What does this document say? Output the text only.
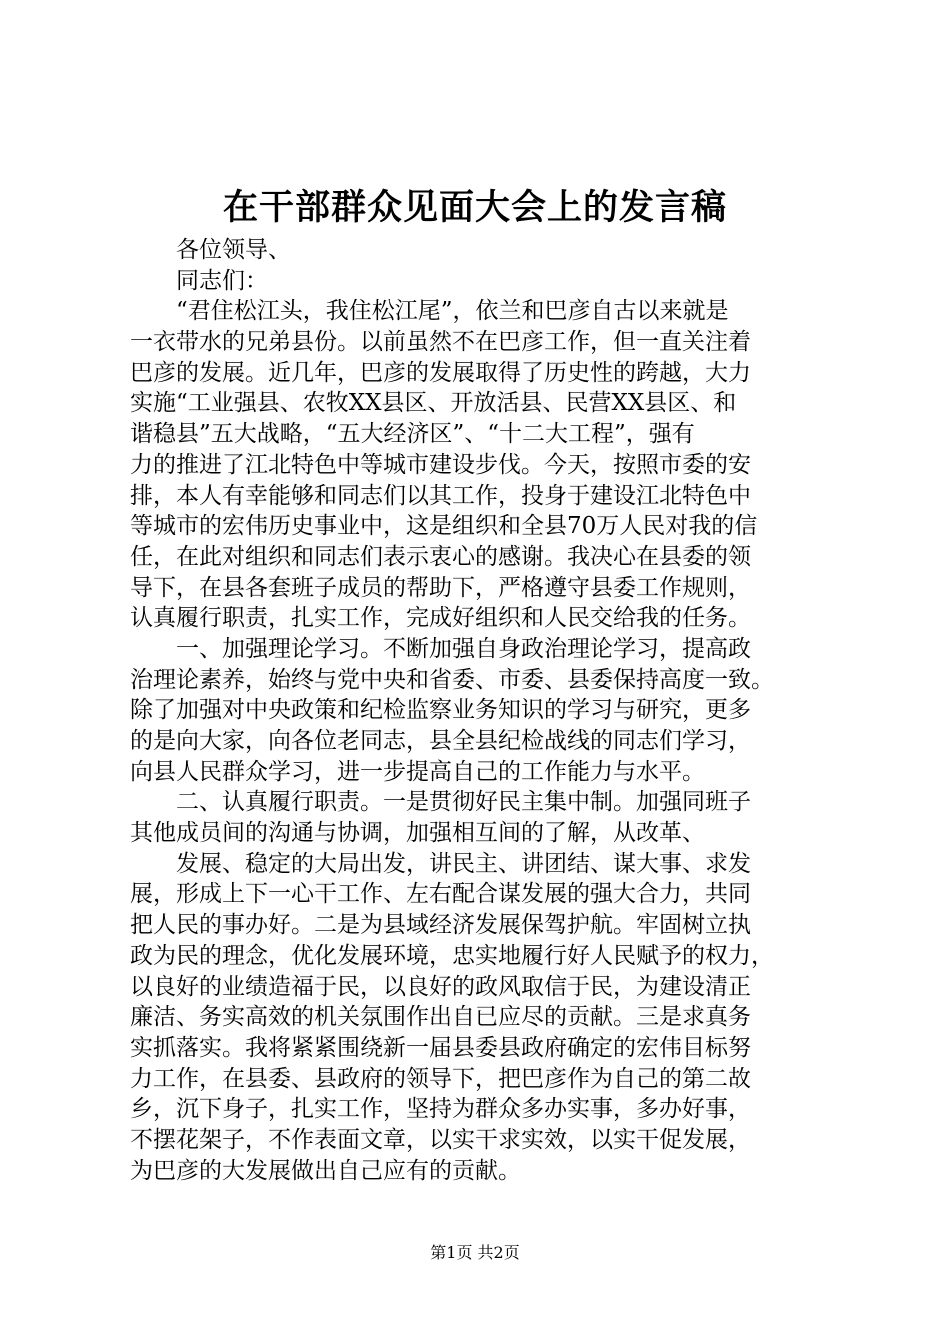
在干部群众见面大会上的发言稿
各位领导、
同志们：
“君住松江头，我住松江尾”，依兰和巴彦自古以来就是
一衣带水的兄弟县份。以前虽然不在巴彦工作，但一直关注着
巴彦的发展。近几年，巴彦的发展取得了历史性的跨越，大力
实施“工业强县、农牧XX县区、开放活县、民营XX县区、和
谐稳县”五大战略，“五大经济区”、“十二大工程”，强有
力的推进了江北特色中等城市建设步伐。今天，按照市委的安
排，本人有幸能够和同志们以其工作，投身于建设江北特色中
等城市的宏伟历史事业中，这是组织和全县70万人民对我的信
任，在此对组织和同志们表示衷心的感谢。我决心在县委的领
导下，在县各套班子成员的帮助下，严格遵守县委工作规则，
认真履行职责，扎实工作，完成好组织和人民交给我的任务。
一、加强理论学习。不断加强自身政治理论学习，提高政
治理论素养，始终与党中央和省委、市委、县委保持高度一致。
除了加强对中央政策和纪检监察业务知识的学习与研究，更多
的是向大家，向各位老同志，县全县纪检战线的同志们学习，
向县人民群众学习，进一步提高自己的工作能力与水平。
二、认真履行职责。一是贯彻好民主集中制。加强同班子
其他成员间的沟通与协调，加强相互间的了解，从改革、
发展、稳定的大局出发，讲民主、讲团结、谋大事、求发
展，形成上下一心干工作、左右配合谋发展的强大合力，共同
把人民的事办好。二是为县域经济发展保驾护航。牢固树立执
政为民的理念，优化发展环境，忠实地履行好人民赋予的权力，
以良好的业绩造福于民，以良好的政风取信于民，为建设清正
廉洁、务实高效的机关氛围作出自已应尽的贡献。三是求真务
实抓落实。我将紧紧围绕新一届县委县政府确定的宏伟目标努
力工作，在县委、县政府的领导下，把巴彦作为自己的第二故
乡，沉下身子，扎实工作，坚持为群众多办实事，多办好事，
不摆花架子，不作表面文章，以实干求实效，以实干促发展，
为巴彦的大发展做出自己应有的贡献。
第1页 共2页
